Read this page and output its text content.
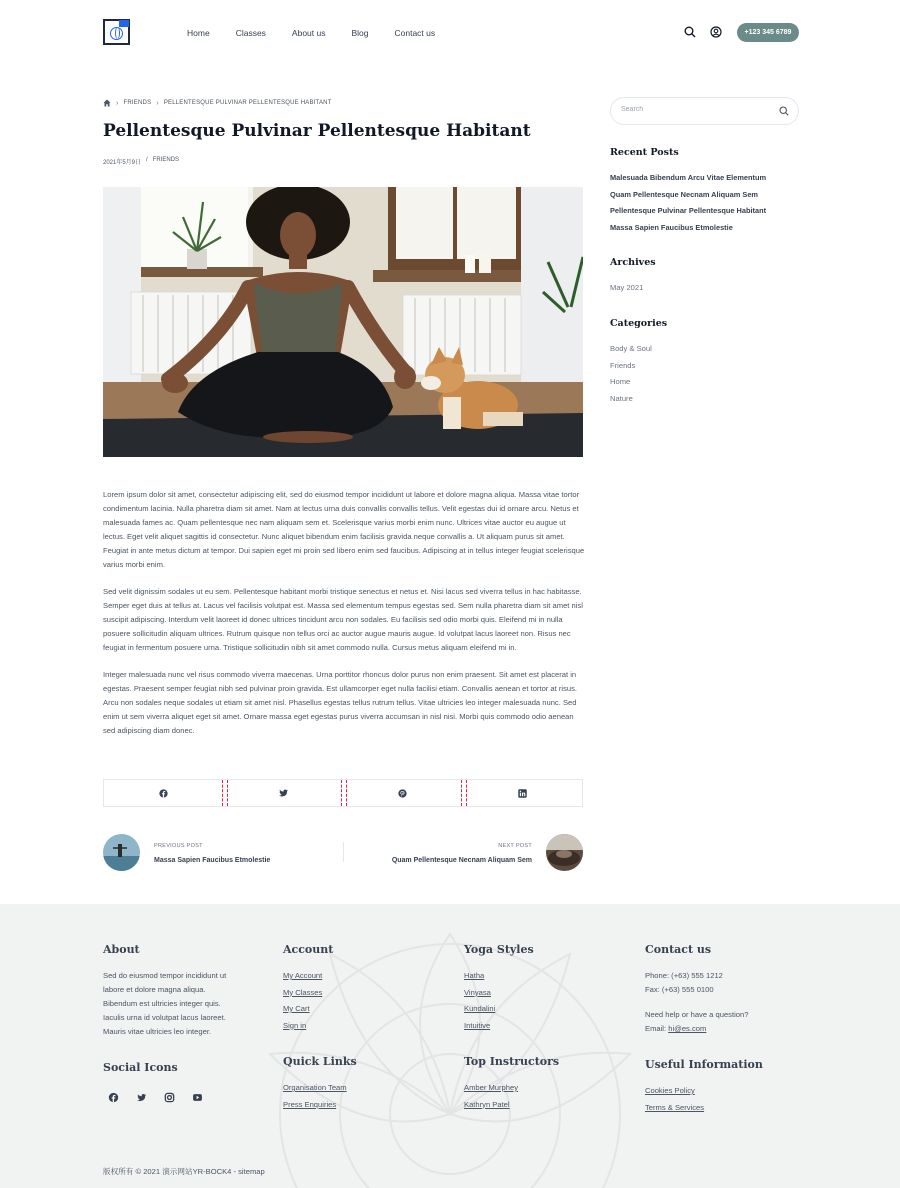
Home	Classes	About us	Blog	Contact us	+123 345 6789
› FRIENDS › PELLENTESQUE PULVINAR PELLENTESQUE HABITANT
Pellentesque Pulvinar Pellentesque Habitant
2021年5月9日 / FRIENDS

Lorem ipsum dolor sit amet, consectetur adipiscing elit, sed do eiusmod tempor incididunt ut labore et dolore magna aliqua. Massa vitae tortor condimentum lacinia. Nulla pharetra diam sit amet. Nam at lectus urna duis convallis convallis tellus. Velit egestas dui id ornare arcu. Netus et malesuada fames ac. Quam pellentesque nec nam aliquam sem et. Scelerisque varius morbi enim nunc. Ultrices vitae auctor eu augue ut lectus. Eget velit aliquet sagittis id consectetur. Nunc aliquet bibendum enim facilisis gravida neque convallis a. Ut aliquam purus sit amet. Feugiat in ante metus dictum at tempor. Dui sapien eget mi proin sed libero enim sed faucibus. Adipiscing at in tellus integer feugiat scelerisque varius morbi enim.

Sed velit dignissim sodales ut eu sem. Pellentesque habitant morbi tristique senectus et netus et. Nisi lacus sed viverra tellus in hac habitasse. Semper eget duis at tellus at. Lacus vel facilisis volutpat est. Massa sed elementum tempus egestas sed. Sem nulla pharetra diam sit amet nisl suscipit adipiscing. Interdum velit laoreet id donec ultrices tincidunt arcu non sodales. Eu facilisis sed odio morbi quis. Eleifend mi in nulla posuere sollicitudin aliquam ultrices. Rutrum quisque non tellus orci ac auctor augue mauris augue. Id volutpat lacus laoreet non. Risus nec feugiat in fermentum posuere urna. Tristique sollicitudin nibh sit amet commodo nulla. Cursus metus aliquam eleifend mi in.

Integer malesuada nunc vel risus commodo viverra maecenas. Urna porttitor rhoncus dolor purus non enim praesent. Sit amet est placerat in egestas. Praesent semper feugiat nibh sed pulvinar proin gravida. Est ullamcorper eget nulla facilisi etiam. Convallis aenean et tortor at risus. Arcu non sodales neque sodales ut etiam sit amet nisl. Phasellus egestas tellus rutrum tellus. Vitae ultricies leo integer malesuada nunc. Sed enim ut sem viverra aliquet eget sit amet. Ornare massa eget egestas purus viverra accumsan in nisl nisi. Morbi quis commodo odio aenean sed adipiscing diam donec.

PREVIOUS POST
Massa Sapien Faucibus Etmolestie
NEXT POST
Quam Pellentesque Necnam Aliquam Sem
Search
Recent Posts
Malesuada Bibendum Arcu Vitae Elementum
Quam Pellentesque Necnam Aliquam Sem
Pellentesque Pulvinar Pellentesque Habitant
Massa Sapien Faucibus Etmolestie
Archives
May 2021
Categories
Body & Soul
Friends
Home
Nature
About
Sed do eiusmod tempor incididunt ut
labore et dolore magna aliqua.
Bibendum est ultricies integer quis.
Iaculis urna id volutpat lacus laoreet.
Mauris vitae ultricies leo integer.
Social Icons
Account
My Account
My Classes
My Cart
Sign in
Quick Links
Organisation Team
Press Enquiries
Yoga Styles
Hatha
Vinyasa
Kundalini
Intuitive
Top Instructors
Amber Murphey
Kathryn Patel
Contact us
Phone: (+63) 555 1212
Fax: (+63) 555 0100
Need help or have a question?
Email: hi@es.com
Useful Information
Cookies Policy
Terms & Services
版权所有 © 2021 演示网站YR-BOCK4 - sitemap
